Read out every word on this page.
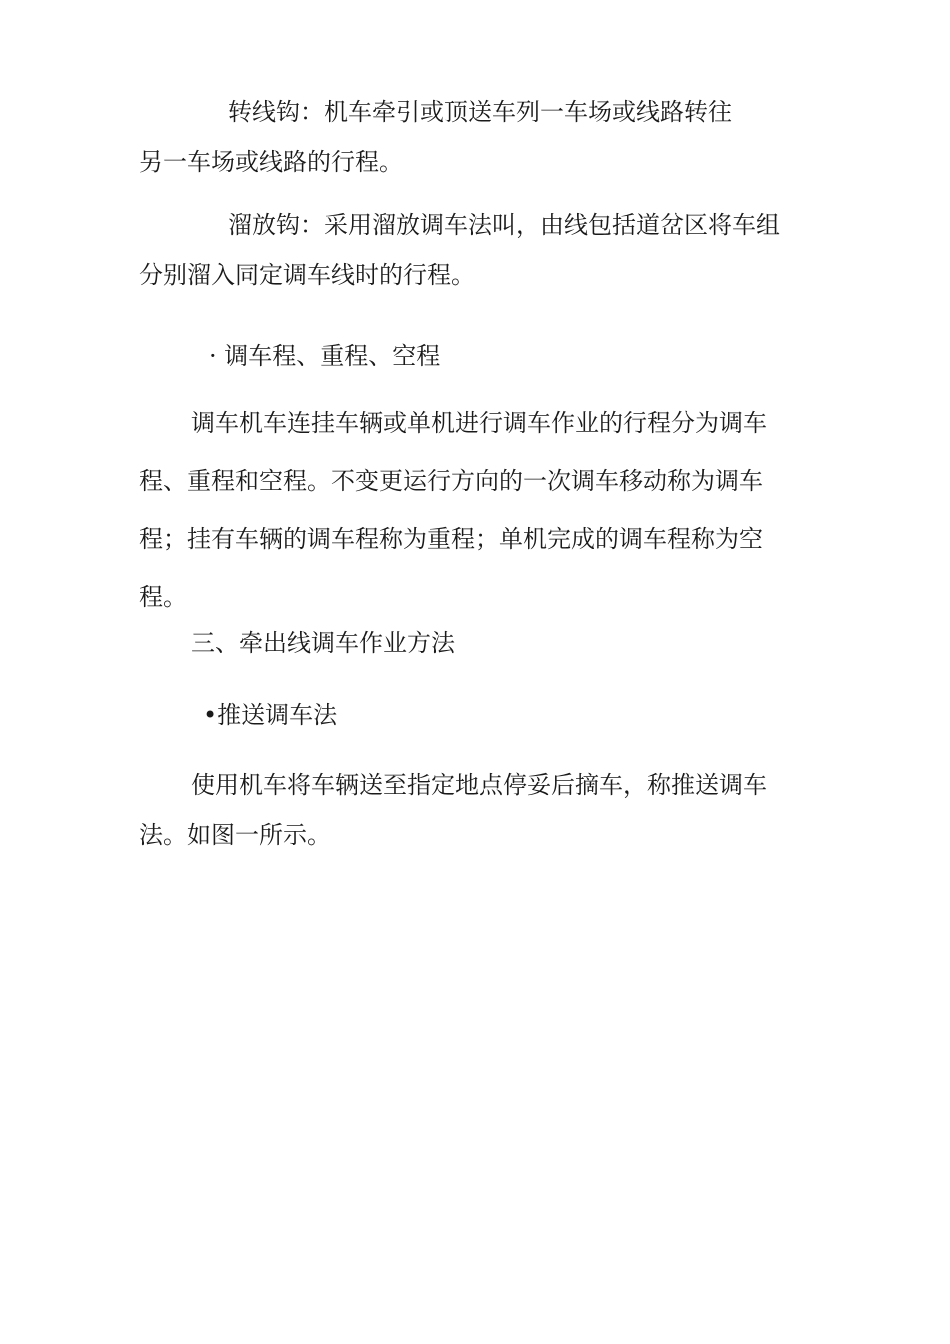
转线钩：机车牵引或顶送车列一车场或线路转往
另一车场或线路的行程。

溜放钩：采用溜放调车法叫，由线包括道岔区将车组
分别溜入同定调车线时的行程。

· 调车程、重程、空程

调车机车连挂车辆或单机进行调车作业的行程分为调车
程、重程和空程。不变更运行方向的一次调车移动称为调车
程；挂有车辆的调车程称为重程；单机完成的调车程称为空
程。

三、牵出线调车作业方法

•推送调车法

使用机车将车辆送至指定地点停妥后摘车，称推送调车
法。如图一所示。
